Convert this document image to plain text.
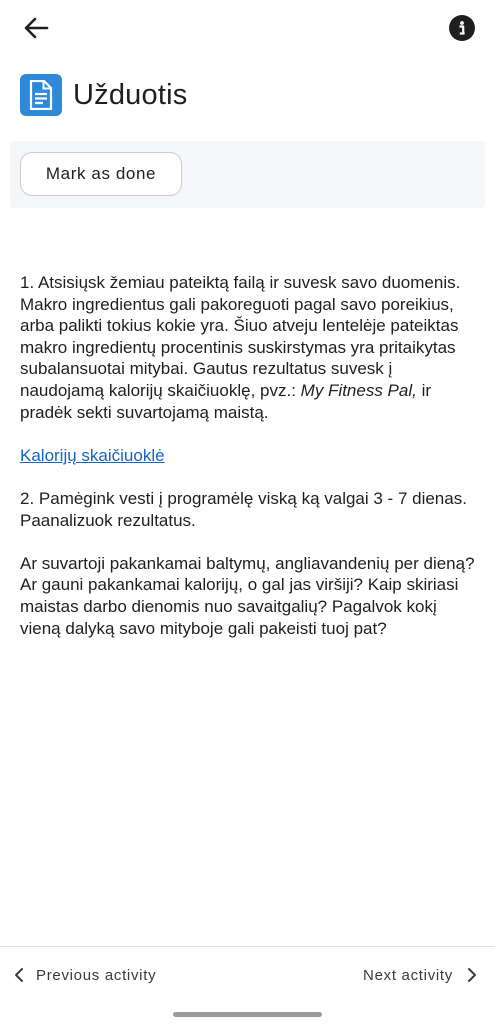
Užduotis
Mark as done

1. Atsisiųsk žemiau pateiktą failą ir suvesk savo duomenis. Makro ingredientus gali pakoreguoti pagal savo poreikius, arba palikti tokius kokie yra. Šiuo atveju lentelėje pateiktas makro ingredientų procentinis suskirstymas yra pritaikytas subalansuotai mitybai. Gautus rezultatus suvesk į naudojamą kalorijų skaičiuoklę, pvz.: My Fitness Pal, ir pradėk sekti suvartojamą maistą.

Kalorijų skaičiuoklė

2. Pamėgink vesti į programėlę viską ką valgai 3 - 7 dienas. Paanalizuok rezultatus.

Ar suvartoji pakankamai baltymų, angliavandenių per dieną? Ar gauni pakankamai kalorijų, o gal jas viršiji? Kaip skiriasi maistas darbo dienomis nuo savaitgalių? Pagalvok kokį vieną dalyką savo mityboje gali pakeisti tuoj pat?

Previous activity	Next activity
